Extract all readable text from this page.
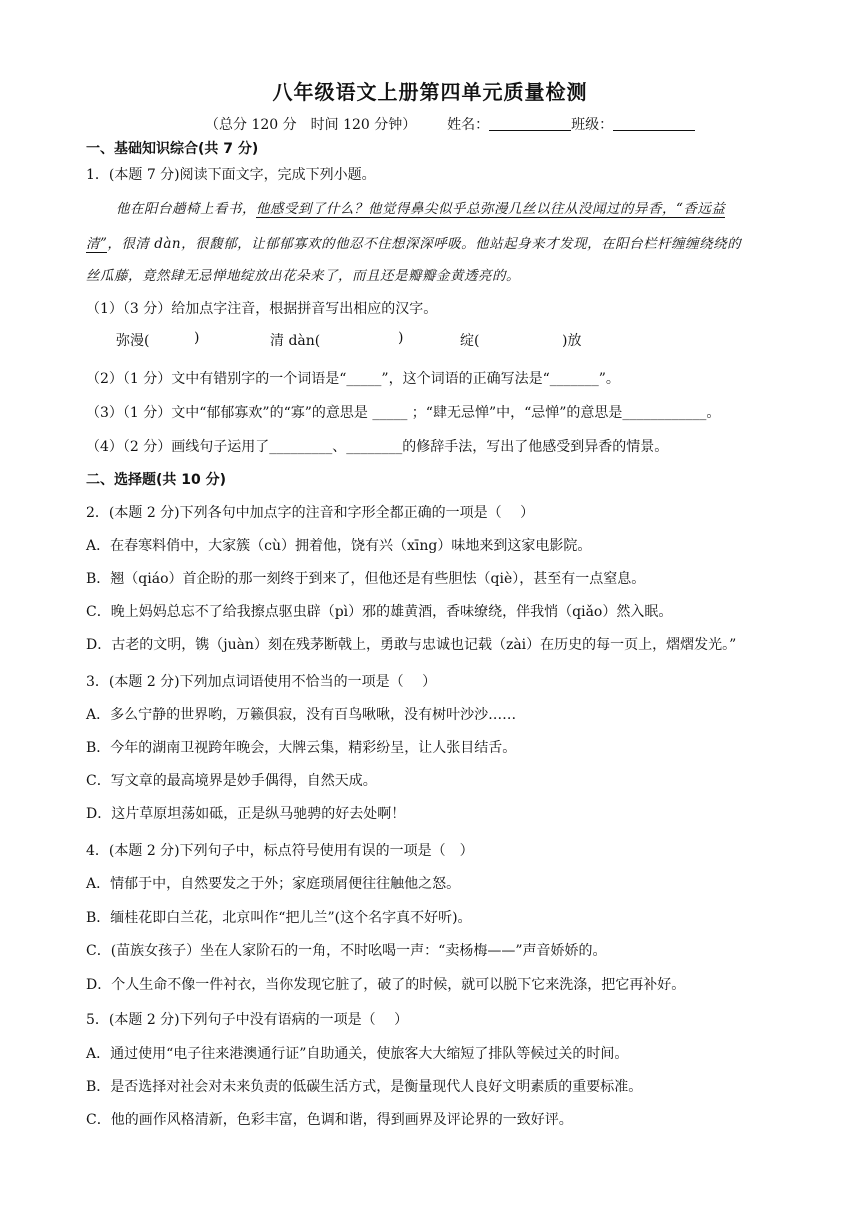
八年级语文上册第四单元质量检测
（总分 120 分　时间 120 分钟） 姓名：	班级：
一、基础知识综合(共 7 分)
1．(本题 7 分)阅读下面文字，完成下列小题。
他在阳台趟椅上看书，他感受到了什么？他觉得鼻尖似乎总弥漫几丝以往从没闻过的异香，“香远益
清”，很清 dàn，很馥郁，让郁郁寡欢的他忍不住想深深呼吸。他站起身来才发现，在阳台栏杆缠缠绕绕的
丝瓜藤，竟然肆无忌惮地绽放出花朵来了，而且还是瓣瓣金黄透亮的。
（1）（3 分）给加点字注音，根据拼音写出相应的汉字。
弥漫(	)	清 dàn(	)	绽(	)放
（2）（1 分）文中有错别字的一个词语是“_____”，这个词语的正确写法是“_______”。
（3）（1 分）文中“郁郁寡欢”的“寡”的意思是 _____ ；“肆无忌惮”中，“忌惮”的意思是____________。
（4）（2 分）画线句子运用了_________、________的修辞手法，写出了他感受到异香的情景。
二、选择题(共 10 分)
2．(本题 2 分)下列各句中加点字的注音和字形全都正确的一项是（　 ）
A．在春寒料俏中，大家簇（cù）拥着他，饶有兴（xīng）味地来到这家电影院。
B．翘（qiáo）首企盼的那一刻终于到来了，但他还是有些胆怯（qiè），甚至有一点窒息。
C．晚上妈妈总忘不了给我擦点驱虫辟（pì）邪的雄黄酒，香味缭绕，伴我悄（qiǎo）然入眠。
D．古老的文明，镌（juàn）刻在残茅断戟上，勇敢与忠诚也记载（zài）在历史的每一页上，熠熠发光。”
3．(本题 2 分)下列加点词语使用不恰当的一项是（　 ）
A．多么宁静的世界哟，万籁俱寂，没有百鸟啾啾，没有树叶沙沙……
B．今年的湖南卫视跨年晚会，大牌云集，精彩纷呈，让人张目结舌。
C．写文章的最高境界是妙手偶得，自然天成。
D．这片草原坦荡如砥，正是纵马驰骋的好去处啊！
4．(本题 2 分)下列句子中，标点符号使用有误的一项是（　）
A．情郁于中，自然要发之于外；家庭琐屑便往往触他之怒。
B．缅桂花即白兰花，北京叫作“把儿兰”(这个名字真不好听)。
C．(苗族女孩子）坐在人家阶石的一角，不时吆喝一声：“卖杨梅——”声音娇娇的。
D．个人生命不像一件衬衣，当你发现它脏了，破了的时候，就可以脱下它来洗涤，把它再补好。
5．(本题 2 分)下列句子中没有语病的一项是（　 ）
A．通过使用“电子往来港澳通行证”自助通关，使旅客大大缩短了排队等候过关的时间。
B．是否选择对社会对未来负责的低碳生活方式，是衡量现代人良好文明素质的重要标准。
C．他的画作风格清新，色彩丰富，色调和谐，得到画界及评论界的一致好评。
